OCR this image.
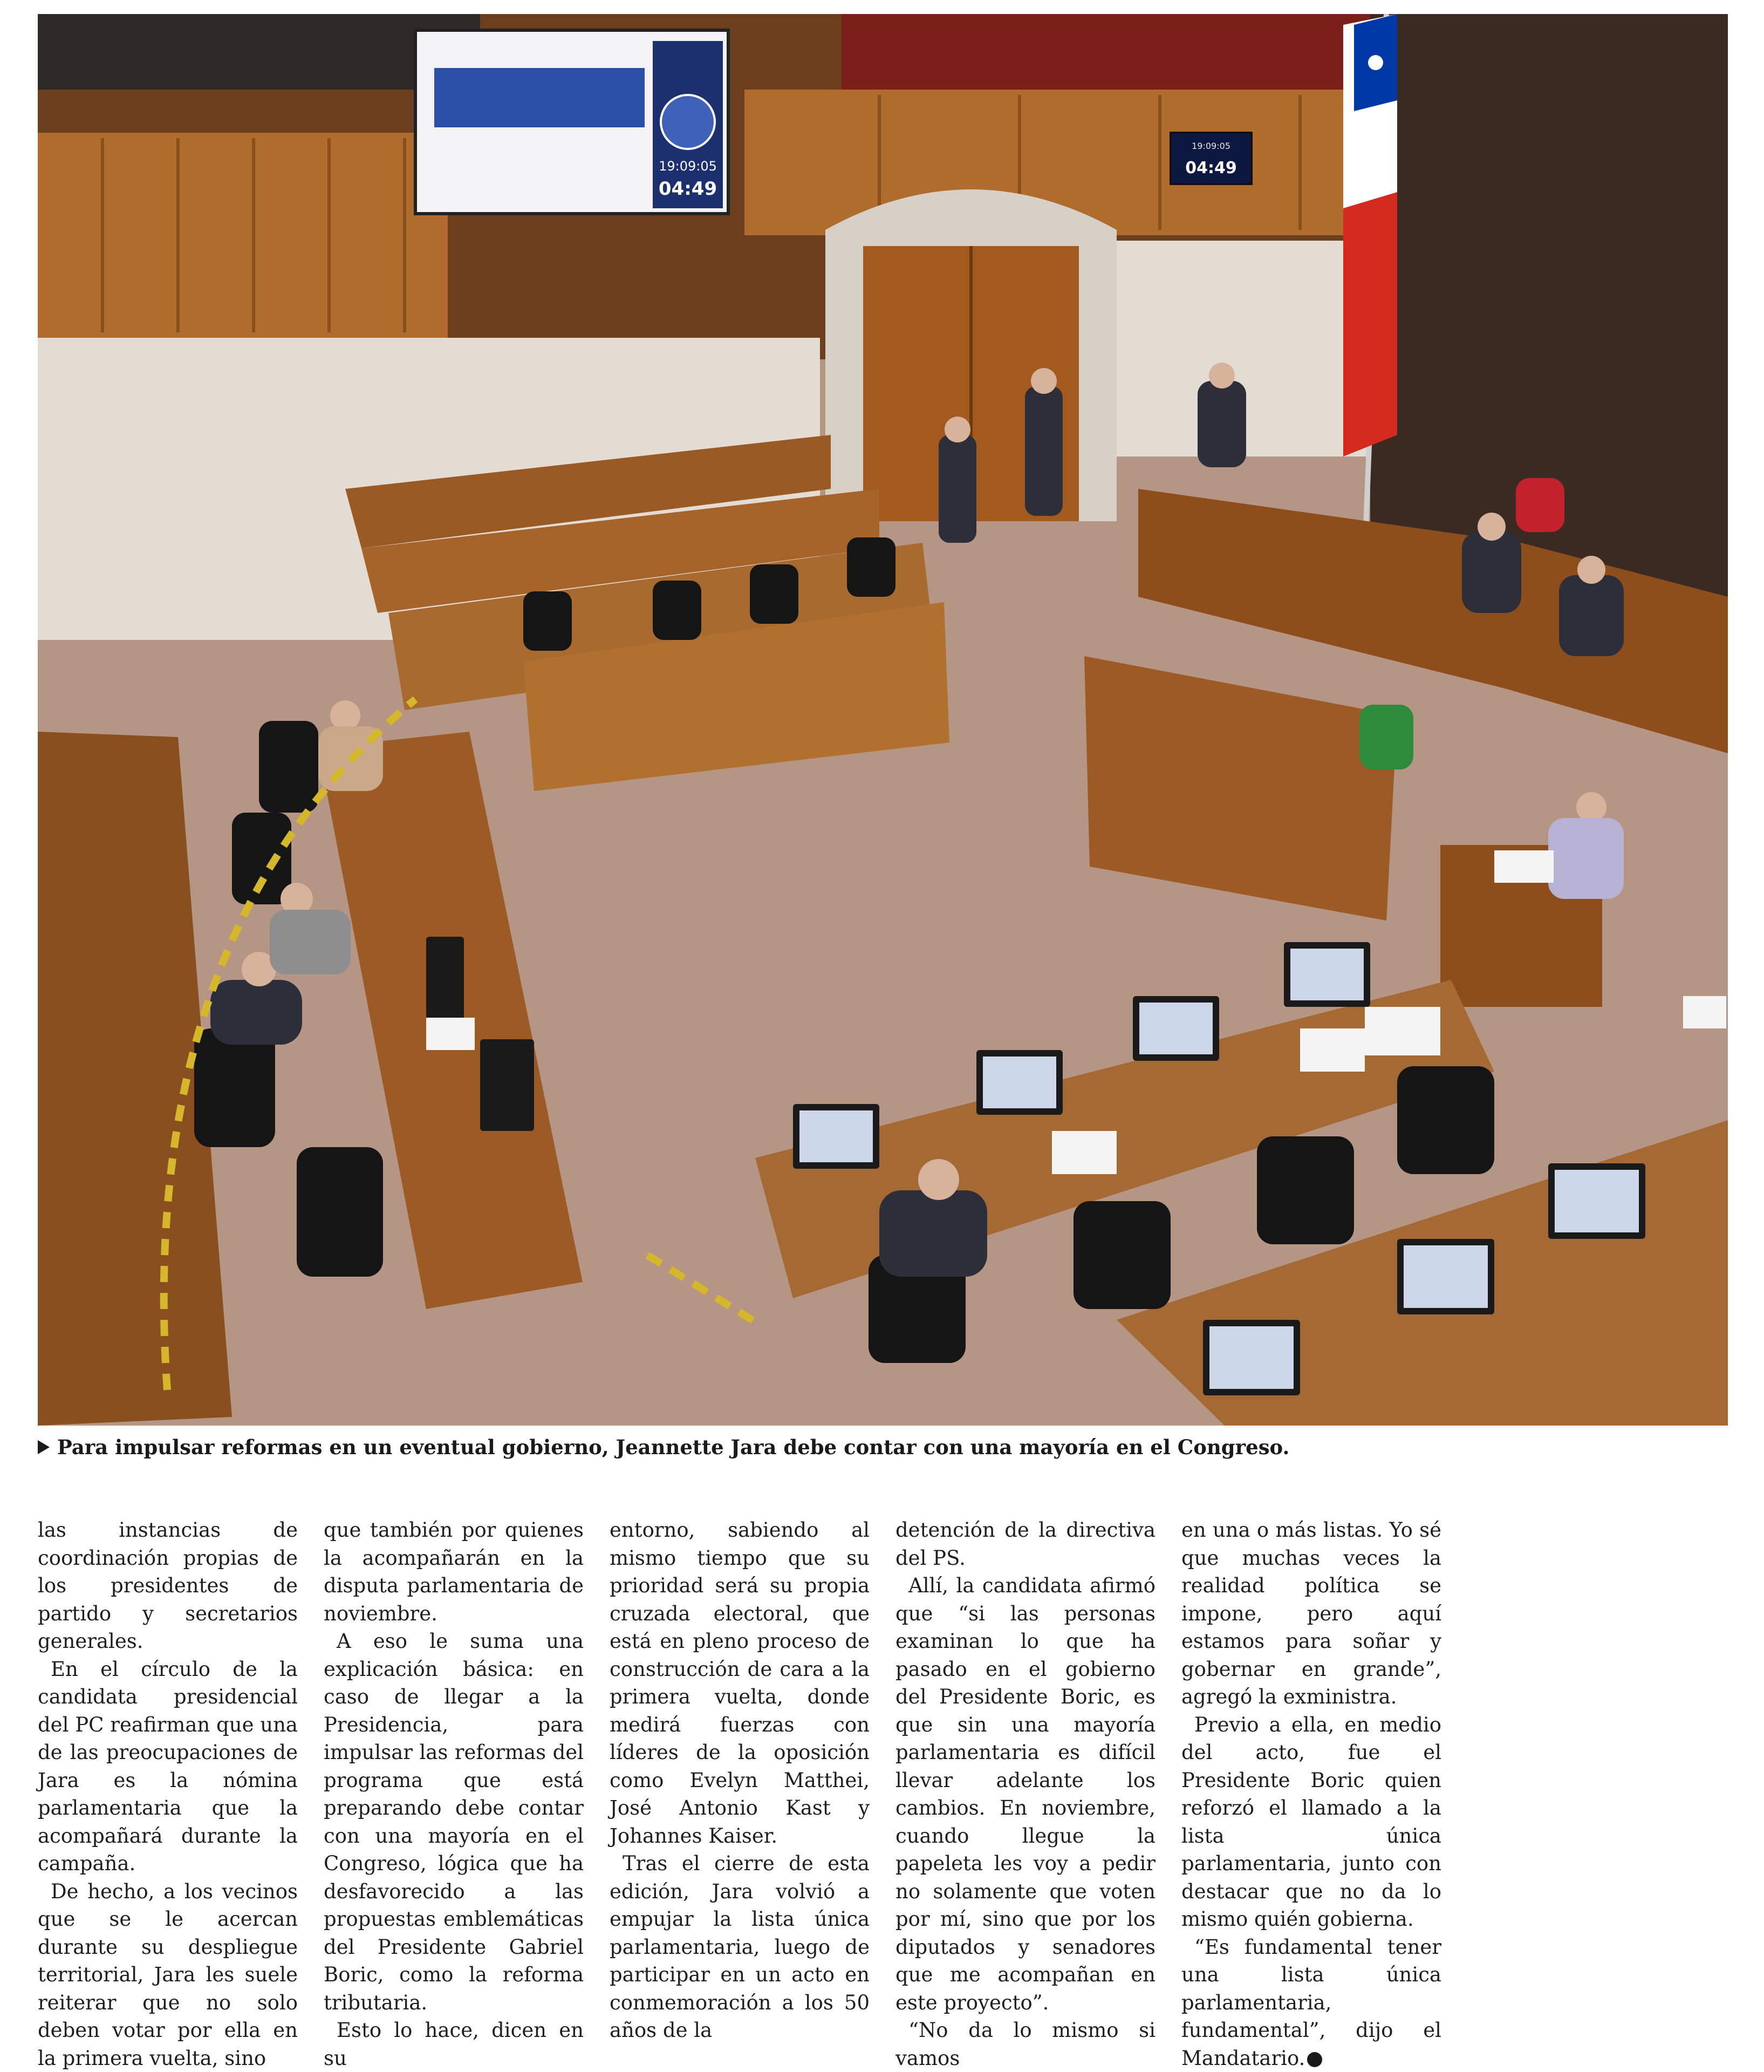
19:09:05
04:49
19:09:05
04:49
Para impulsar reformas en un eventual gobierno, Jeannette Jara debe contar con una mayoría en el Congreso.

las instancias de coordinación propias de los presidentes de partido y secretarios generales.

En el círculo de la candidata presidencial del PC reafirman que una de las preocupaciones de Jara es la nómina parlamentaria que la acompañará durante la campaña.

De hecho, a los vecinos que se le acercan durante su despliegue territorial, Jara les suele reiterar que no solo deben votar por ella en la primera vuelta, sino

que también por quienes la acompañarán en la disputa parlamentaria de noviembre.

A eso le suma una explicación básica: en caso de llegar a la Presidencia, para impulsar las reformas del programa que está preparando debe contar con una mayoría en el Congreso, lógica que ha desfavorecido a las propuestas emblemáticas del Presidente Gabriel Boric, como la reforma tributaria.

Esto lo hace, dicen en su

entorno, sabiendo al mismo tiempo que su prioridad será su propia cruzada electoral, que está en pleno proceso de construcción de cara a la primera vuelta, donde medirá fuerzas con líderes de la oposición como Evelyn Matthei, José Antonio Kast y Johannes Kaiser.

Tras el cierre de esta edición, Jara volvió a empujar la lista única parlamentaria, luego de participar en un acto en conmemoración a los 50 años de la

detención de la directiva del PS.

Allí, la candidata afirmó que “si las personas examinan lo que ha pasado en el gobierno del Presidente Boric, es que sin una mayoría parlamentaria es difícil llevar adelante los cambios. En noviembre, cuando llegue la papeleta les voy a pedir no solamente que voten por mí, sino que por los diputados y senadores que me acompañan en este proyecto”.

“No da lo mismo si vamos

en una o más listas. Yo sé que muchas veces la realidad política se impone, pero aquí estamos para soñar y gobernar en grande”, agregó la exministra.

Previo a ella, en medio del acto, fue el Presidente Boric quien reforzó el llamado a la lista única parlamentaria, junto con destacar que no da lo mismo quién gobierna.

“Es fundamental tener una lista única parlamentaria, fundamental”, dijo el Mandatario.
